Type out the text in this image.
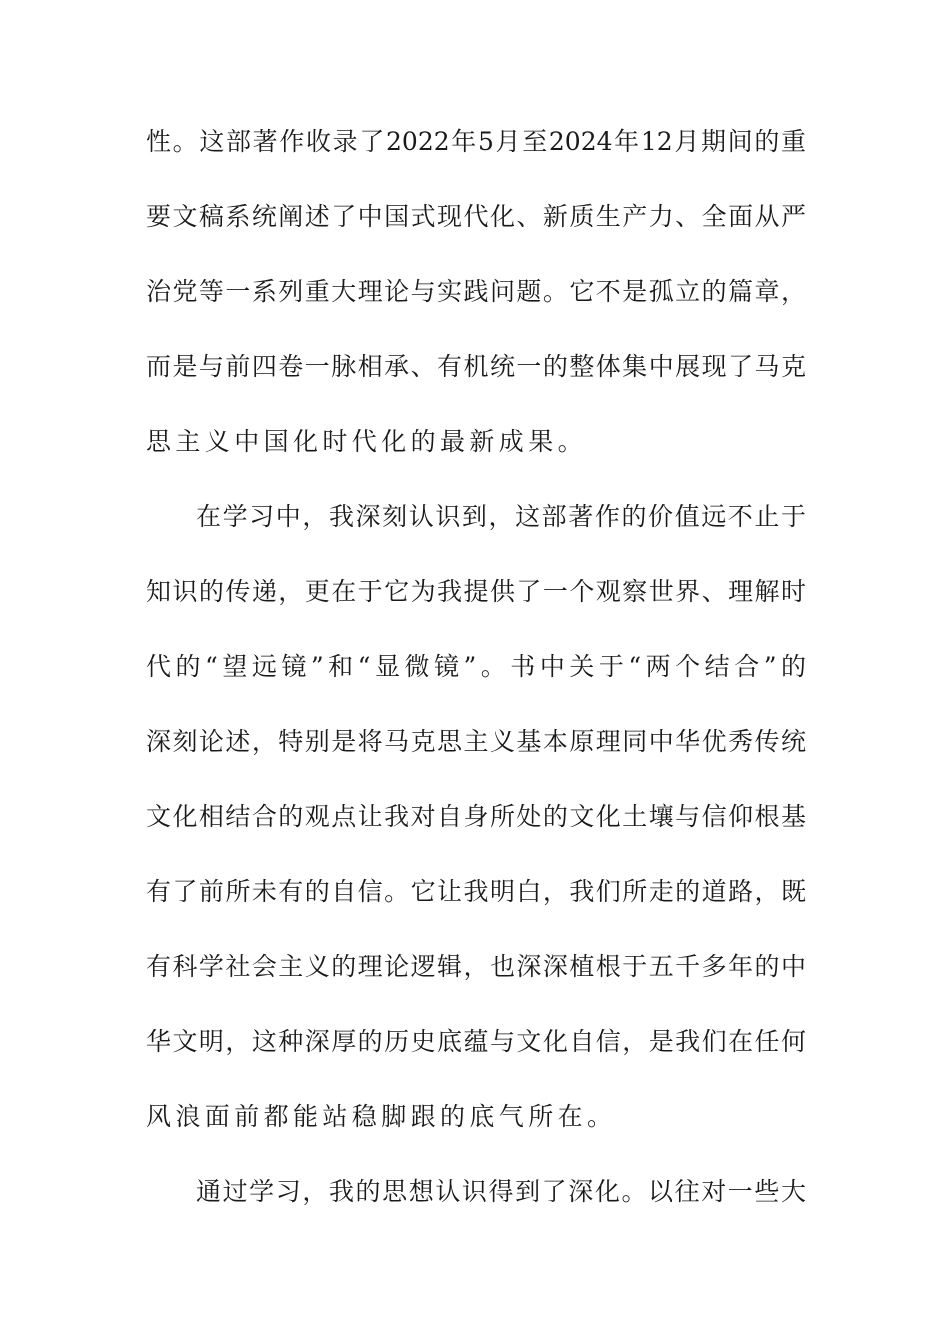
性。这部著作收录了2022年5月至2024年12月期间的重
要文稿系统阐述了中国式现代化、新质生产力、全面从严
治党等一系列重大理论与实践问题。它不是孤立的篇章，
而是与前四卷一脉相承、有机统一的整体集中展现了马克
思主义中国化时代化的最新成果。
在学习中，我深刻认识到，这部著作的价值远不止于
知识的传递，更在于它为我提供了一个观察世界、理解时
代的“望远镜”和“显微镜”。书中关于“两个结合”的
深刻论述，特别是将马克思主义基本原理同中华优秀传统
文化相结合的观点让我对自身所处的文化土壤与信仰根基
有了前所未有的自信。它让我明白，我们所走的道路，既
有科学社会主义的理论逻辑，也深深植根于五千多年的中
华文明，这种深厚的历史底蕴与文化自信，是我们在任何
风浪面前都能站稳脚跟的底气所在。
通过学习，我的思想认识得到了深化。以往对一些大
